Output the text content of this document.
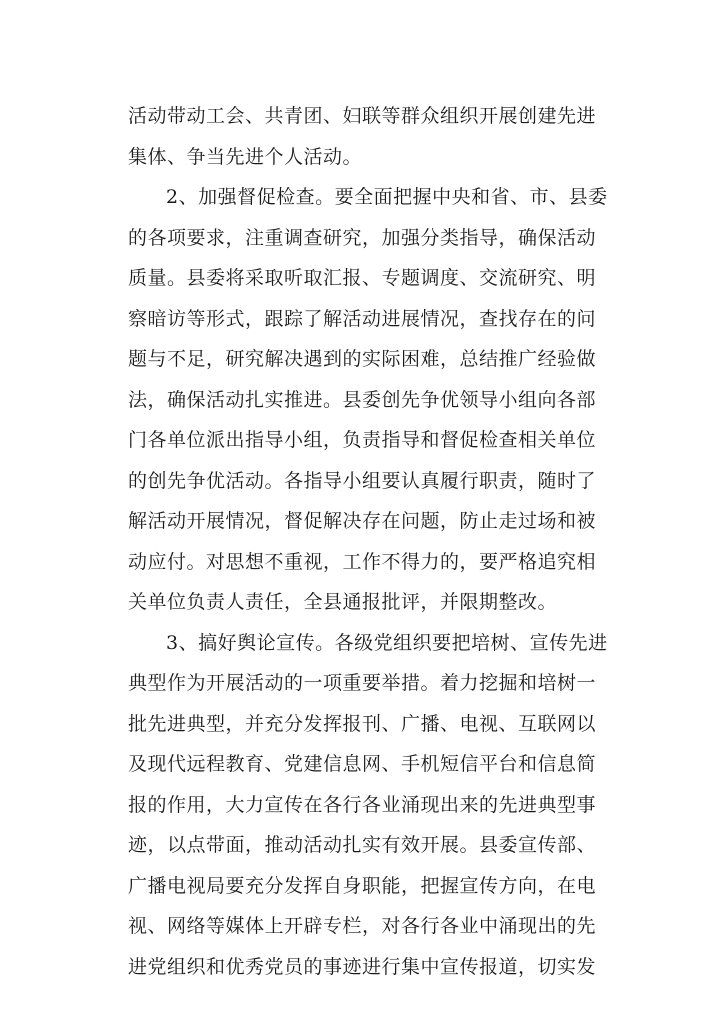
活动带动工会、共青团、妇联等群众组织开展创建先进
集体、争当先进个人活动。
2、加强督促检查。要全面把握中央和省、市、县委
的各项要求，注重调查研究，加强分类指导，确保活动
质量。县委将采取听取汇报、专题调度、交流研究、明
察暗访等形式，跟踪了解活动进展情况，查找存在的问
题与不足，研究解决遇到的实际困难，总结推广经验做
法，确保活动扎实推进。县委创先争优领导小组向各部
门各单位派出指导小组，负责指导和督促检查相关单位
的创先争优活动。各指导小组要认真履行职责，随时了
解活动开展情况，督促解决存在问题，防止走过场和被
动应付。对思想不重视，工作不得力的，要严格追究相
关单位负责人责任，全县通报批评，并限期整改。
3、搞好舆论宣传。各级党组织要把培树、宣传先进
典型作为开展活动的一项重要举措。着力挖掘和培树一
批先进典型，并充分发挥报刊、广播、电视、互联网以
及现代远程教育、党建信息网、手机短信平台和信息简
报的作用，大力宣传在各行各业涌现出来的先进典型事
迹，以点带面，推动活动扎实有效开展。县委宣传部、
广播电视局要充分发挥自身职能，把握宣传方向，在电
视、网络等媒体上开辟专栏，对各行各业中涌现出的先
进党组织和优秀党员的事迹进行集中宣传报道，切实发
